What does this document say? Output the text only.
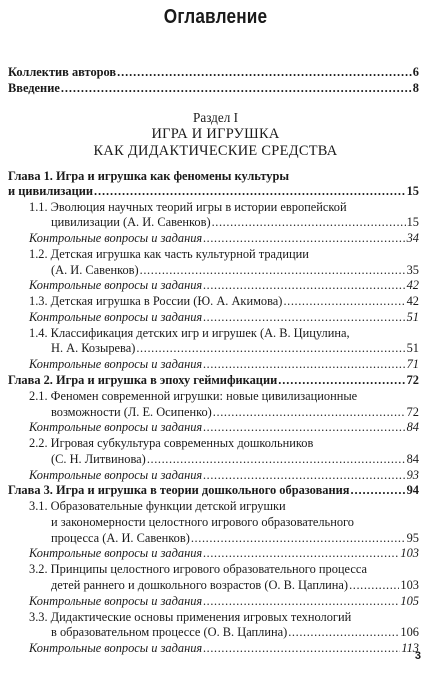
Оглавление
Коллектив авторов .....	6
Введение .....	8
Раздел I
ИГРА И ИГРУШКА
КАК ДИДАКТИЧЕСКИЕ СРЕДСТВА
Глава 1. Игра и игрушка как феномены культуры
и цивилизации .....	15
1.1. Эволюция научных теорий игры в истории европейской
цивилизации (А. И. Савенков) .....	15
Контрольные вопросы и задания .....	34
1.2. Детская игрушка как часть культурной традиции
(А. И. Савенков) .....	35
Контрольные вопросы и задания .....	42
1.3. Детская игрушка в России (Ю. А. Акимова) .....	42
Контрольные вопросы и задания .....	51
1.4. Классификация детских игр и игрушек (А. В. Цицулина,
Н. А. Козырева) .....	51
Контрольные вопросы и задания .....	71
Глава 2. Игра и игрушка в эпоху геймификации .....	72
2.1. Феномен современной игрушки: новые цивилизационные
возможности (Л. Е. Осипенко) .....	72
Контрольные вопросы и задания .....	84
2.2. Игровая субкультура современных дошкольников
(С. Н. Литвинова) .....	84
Контрольные вопросы и задания .....	93
Глава 3. Игра и игрушка в теории дошкольного образования .....	94
3.1. Образовательные функции детской игрушки
и закономерности целостного игрового образовательного
процесса (А. И. Савенков) .....	95
Контрольные вопросы и задания .....	103
3.2. Принципы целостного игрового образовательного процесса
детей раннего и дошкольного возрастов (О. В. Цаплина) .....	103
Контрольные вопросы и задания .....	105
3.3. Дидактические основы применения игровых технологий
в образовательном процессе (О. В. Цаплина) .....	106
Контрольные вопросы и задания .....	113
3
